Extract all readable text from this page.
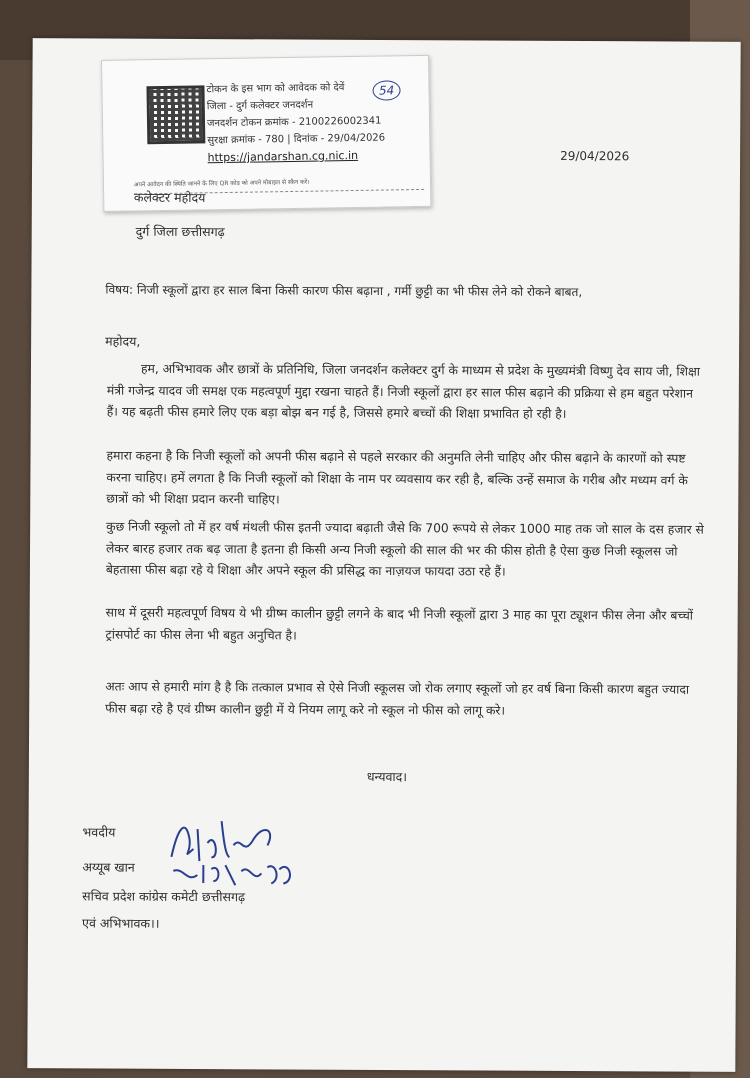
टोकन के इस भाग को आवेदक को देवें
जिला - दुर्ग कलेक्टर जनदर्शन
जनदर्शन टोकन क्रमांक - 2100226002341
सुरक्षा क्रमांक - 780 | दिनांक - 29/04/2026
54
https://jandarshan.cg.nic.in
अपने आवेदन की स्थिति जानने के लिए QR कोड को अपने मोबाइल से स्कैन करें।
29/04/2026
कलेक्टर महोदय
दुर्ग जिला छत्तीसगढ़
विषय: निजी स्कूलों द्वारा हर साल बिना किसी कारण फीस बढ़ाना , गर्मी छुट्टी का भी फीस लेने को रोकने बाबत,
महोदय,
हम, अभिभावक और छात्रों के प्रतिनिधि, जिला जनदर्शन कलेक्टर दुर्ग के माध्यम से प्रदेश के मुख्यमंत्री विष्णु देव साय जी, शिक्षा मंत्री गजेन्द्र यादव जी समक्ष एक महत्वपूर्ण मुद्दा रखना चाहते हैं। निजी स्कूलों द्वारा हर साल फीस बढ़ाने की प्रक्रिया से हम बहुत परेशान हैं। यह बढ़ती फीस हमारे लिए एक बड़ा बोझ बन गई है, जिससे हमारे बच्चों की शिक्षा प्रभावित हो रही है।
हमारा कहना है कि निजी स्कूलों को अपनी फीस बढ़ाने से पहले सरकार की अनुमति लेनी चाहिए और फीस बढ़ाने के कारणों को स्पष्ट करना चाहिए। हमें लगता है कि निजी स्कूलों को शिक्षा के नाम पर व्यवसाय कर रही है, बल्कि उन्हें समाज के गरीब और मध्यम वर्ग के छात्रों को भी शिक्षा प्रदान करनी चाहिए।
कुछ निजी स्कूलो तो में हर वर्ष मंथली फीस इतनी ज्यादा बढ़ाती जैसे कि 700 रूपये से लेकर 1000 माह तक जो साल के दस हजार से लेकर बारह हजार तक बढ़ जाता है इतना ही किसी अन्य निजी स्कूलो की साल की भर की फीस होती है ऐसा कुछ निजी स्कूलस जो बेहतासा फीस बढ़ा रहे ये शिक्षा और अपने स्कूल की प्रसिद्ध का नाज़यज फायदा उठा रहे हैं।
साथ में दूसरी महत्वपूर्ण विषय ये भी ग्रीष्म कालीन छुट्टी लगने के बाद भी निजी स्कूलों द्वारा 3 माह का पूरा ट्यूशन फीस लेना और बच्चों ट्रांसपोर्ट का फीस लेना भी बहुत अनुचित है।
अतः आप से हमारी मांग है है कि तत्काल प्रभाव से ऐसे निजी स्कूलस जो रोक लगाए स्कूलों जो हर वर्ष बिना किसी कारण बहुत ज्यादा फीस बढ़ा रहे है एवं ग्रीष्म कालीन छुट्टी में ये नियम लागू करे नो स्कूल नो फीस को लागू करे।
धन्यवाद।
Ayub 29/4/2026
भवदीय
अय्यूब खान
सचिव प्रदेश कांग्रेस कमेटी छत्तीसगढ़
एवं अभिभावक।।
